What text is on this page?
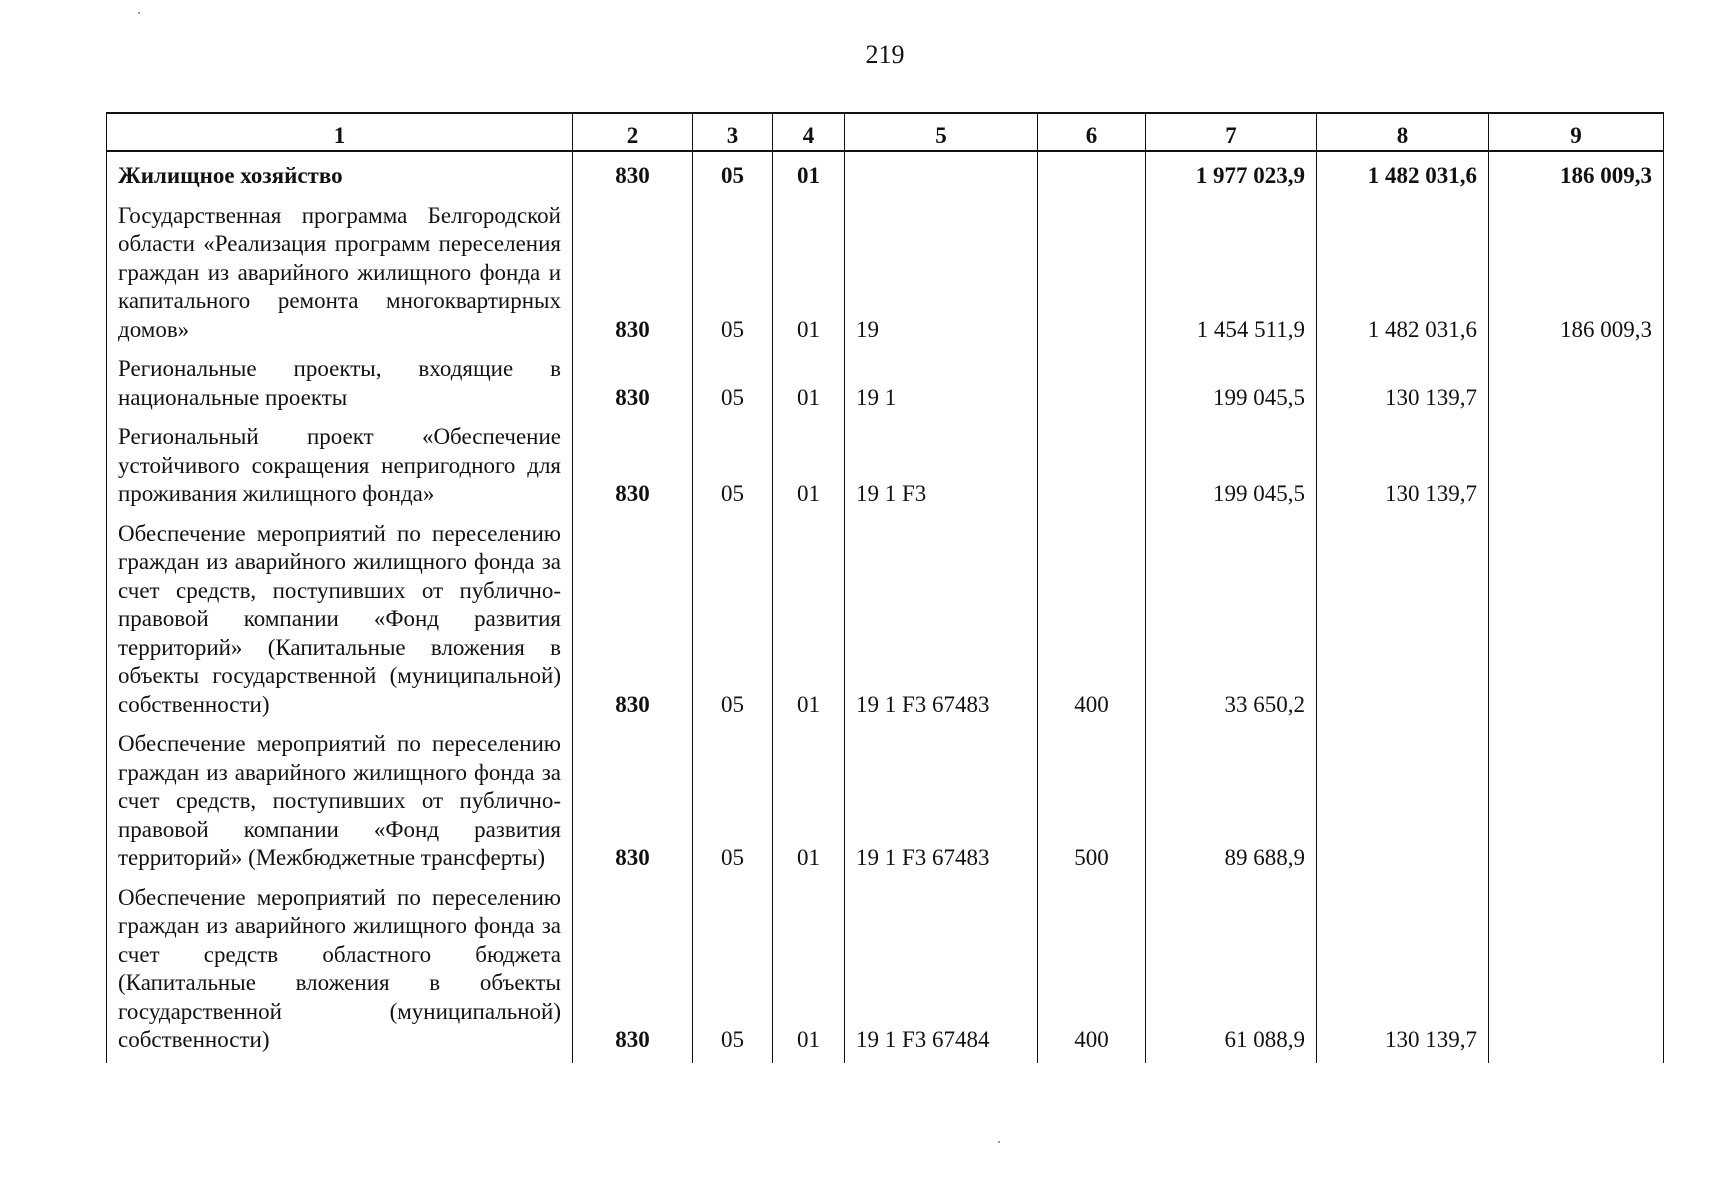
219
1	2	3	4	5	6	7	8	9
Жилищное хозяйство	830	05	01			1 977 023,9	1 482 031,6	186 009,3
Государственная программа Белгородской области «Реализация программ переселения граждан из аварийного жилищного фонда и капитального ремонта многоквартирных домов»	830	05	01	19		1 454 511,9	1 482 031,6	186 009,3
Региональные проекты, входящие в национальные проекты	830	05	01	19 1		199 045,5	130 139,7	
Региональный проект «Обеспечение устойчивого сокращения непригодного для проживания жилищного фонда»	830	05	01	19 1 F3		199 045,5	130 139,7	
Обеспечение мероприятий по переселению граждан из аварийного жилищного фонда за счет средств, поступивших от публично-правовой компании «Фонд развития территорий» (Капитальные вложения в объекты государственной (муниципальной) собственности)	830	05	01	19 1 F3 67483	400	33 650,2		
Обеспечение мероприятий по переселению граждан из аварийного жилищного фонда за счет средств, поступивших от публично-правовой компании «Фонд развития территорий» (Межбюджетные трансферты)	830	05	01	19 1 F3 67483	500	89 688,9		
Обеспечение мероприятий по переселению граждан из аварийного жилищного фонда за счет средств областного бюджета (Капитальные вложения в объекты государственной (муниципальной) собственности)	830	05	01	19 1 F3 67484	400	61 088,9	130 139,7	
